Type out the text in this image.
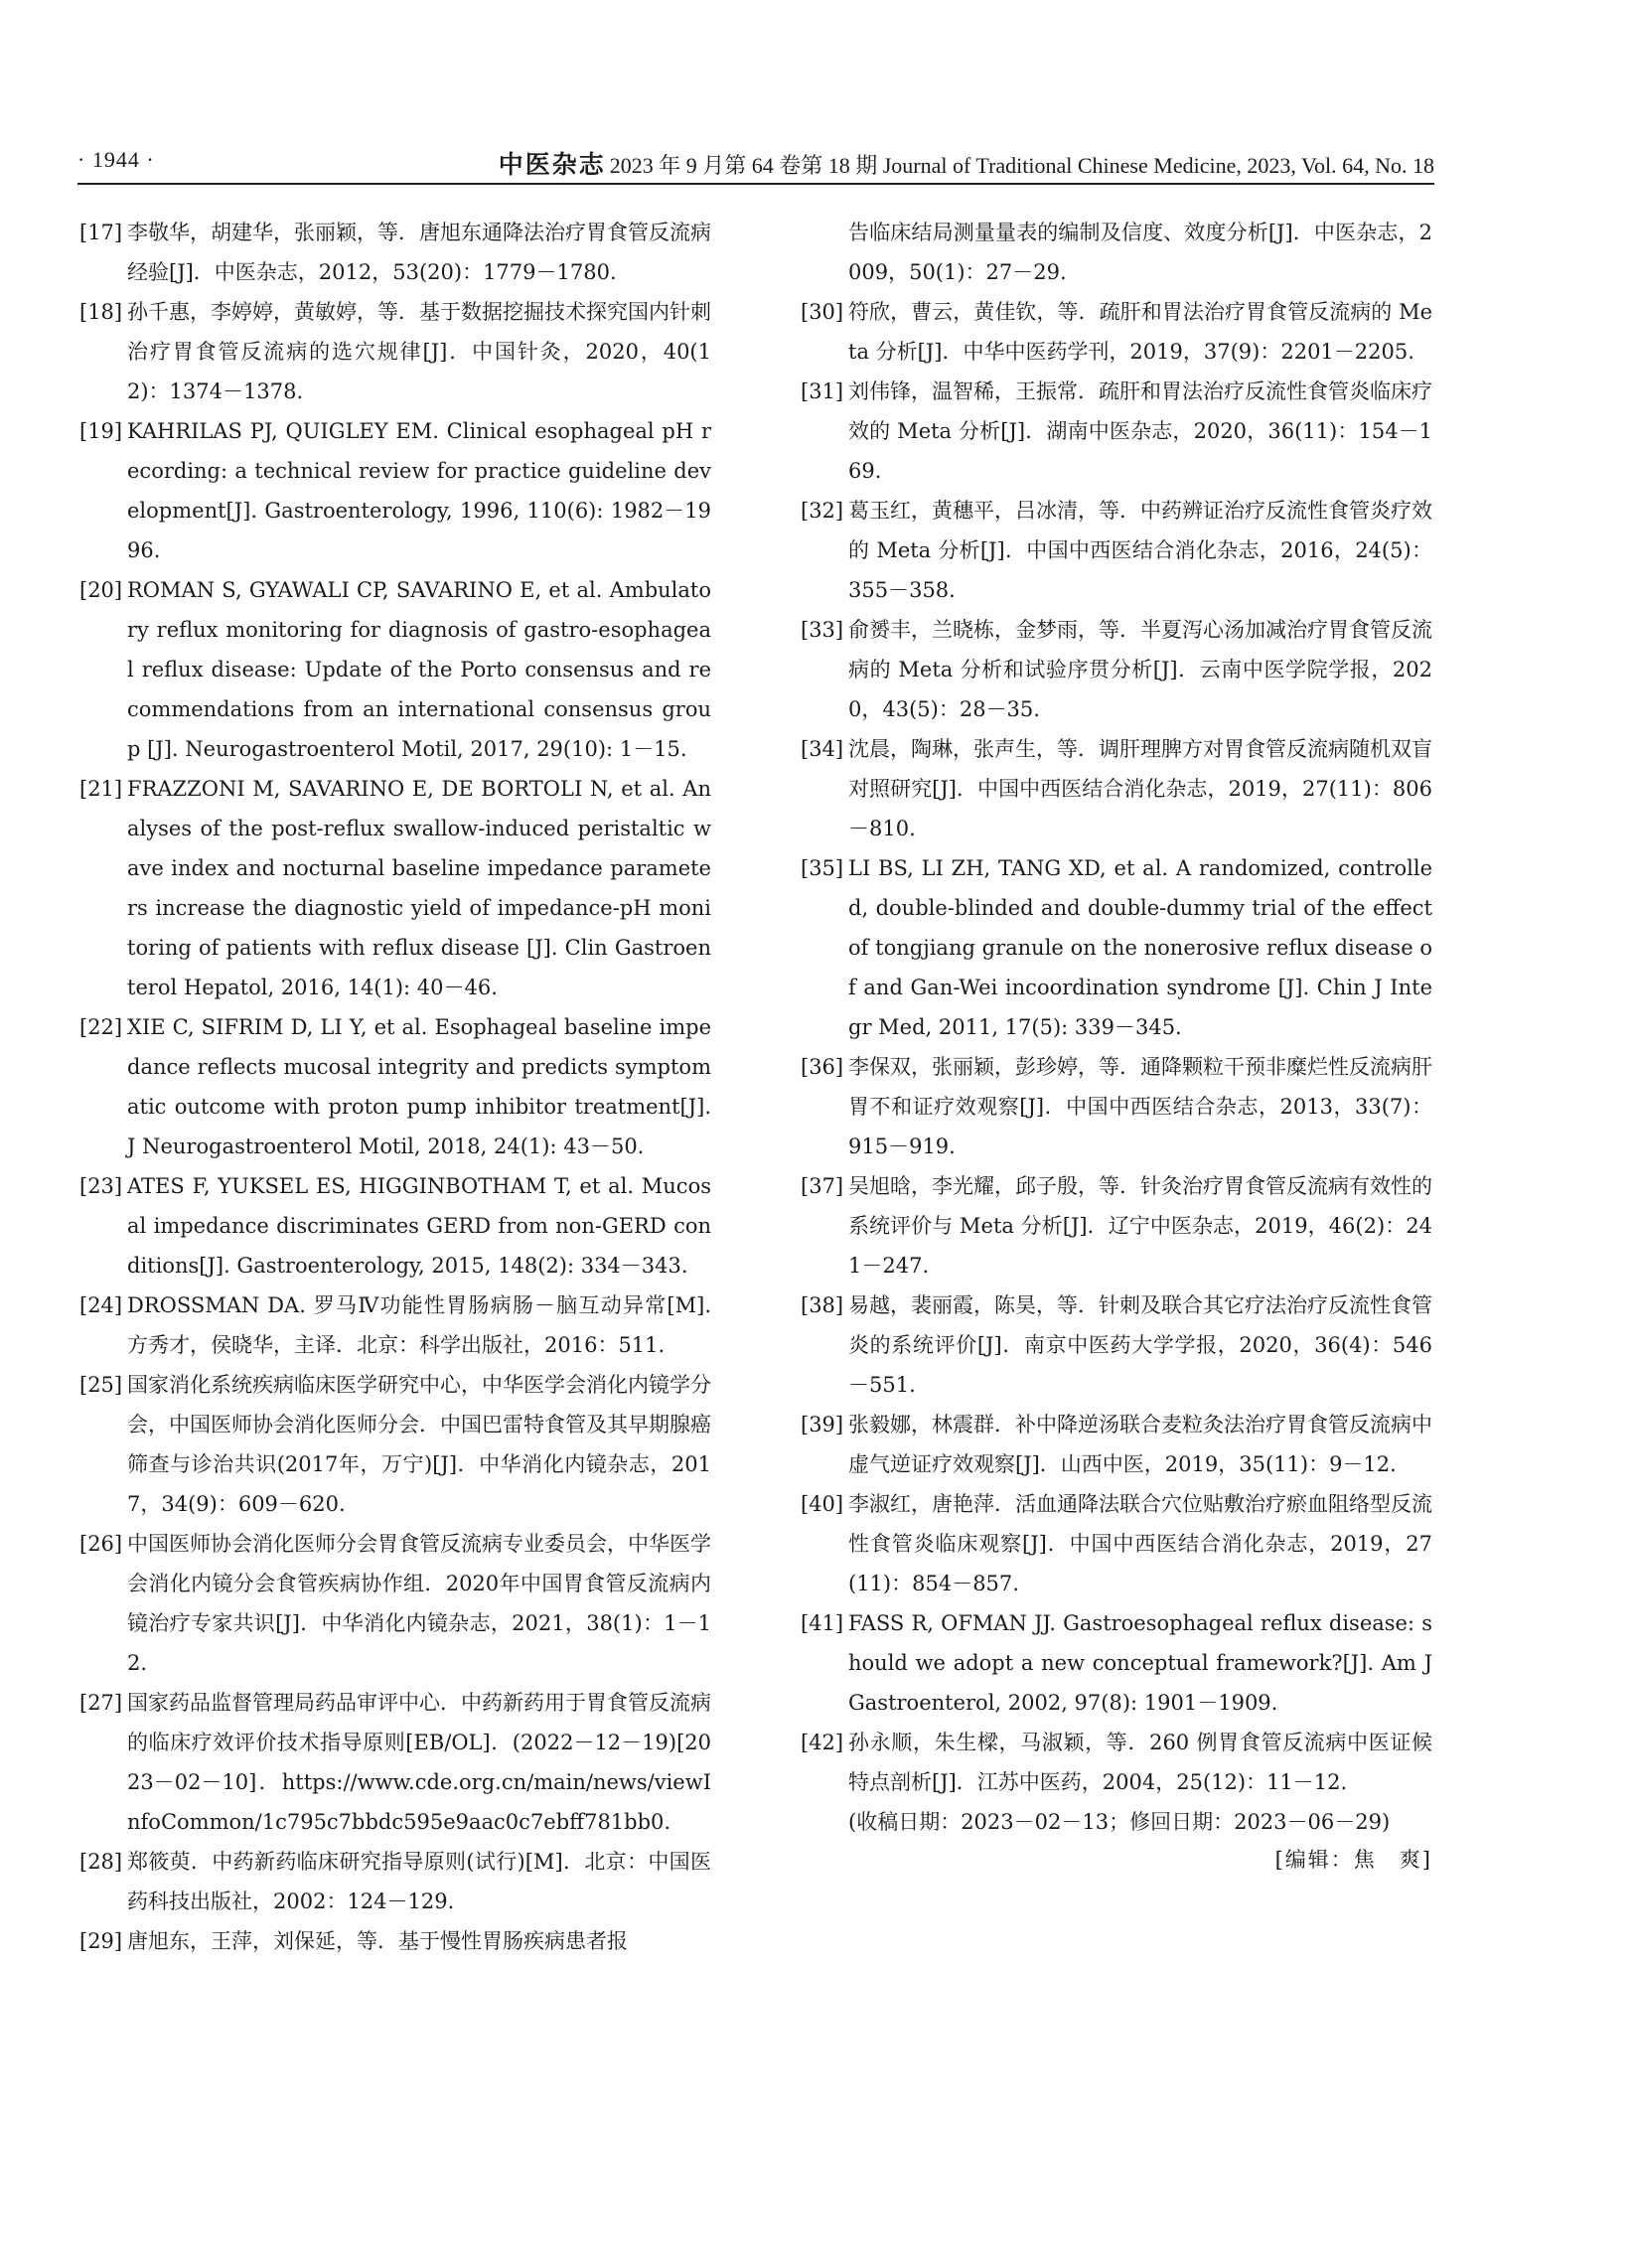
· 1944 ·	中医杂志 2023 年 9 月第 64 卷第 18 期 Journal of Traditional Chinese Medicine, 2023, Vol. 64, No. 18
[17] 李敬华，胡建华，张丽颖，等．唐旭东通降法治疗胃食管反流病经验[J]．中医杂志，2012，53(20)：1779－1780.
[18] 孙千惠，李婷婷，黄敏婷，等．基于数据挖掘技术探究国内针刺治疗胃食管反流病的选穴规律[J]．中国针灸，2020，40(12)：1374－1378.
[19] KAHRILAS PJ, QUIGLEY EM. Clinical esophageal pH recording: a technical review for practice guideline development[J]. Gastroenterology, 1996, 110(6): 1982－1996.
[20] ROMAN S, GYAWALI CP, SAVARINO E, et al. Ambulatory reflux monitoring for diagnosis of gastro-esophageal reflux disease: Update of the Porto consensus and recommendations from an international consensus group [J]. Neurogastroenterol Motil, 2017, 29(10): 1－15.
[21] FRAZZONI M, SAVARINO E, DE BORTOLI N, et al. Analyses of the post-reflux swallow-induced peristaltic wave index and nocturnal baseline impedance parameters increase the diagnostic yield of impedance-pH monitoring of patients with reflux disease [J]. Clin Gastroenterol Hepatol, 2016, 14(1): 40－46.
[22] XIE C, SIFRIM D, LI Y, et al. Esophageal baseline impedance reflects mucosal integrity and predicts symptomatic outcome with proton pump inhibitor treatment[J]. J Neurogastroenterol Motil, 2018, 24(1): 43－50.
[23] ATES F, YUKSEL ES, HIGGINBOTHAM T, et al. Mucosal impedance discriminates GERD from non-GERD conditions[J]. Gastroenterology, 2015, 148(2): 334－343.
[24] DROSSMAN DA. 罗马Ⅳ功能性胃肠病肠－脑互动异常[M]. 方秀才，侯晓华，主译．北京：科学出版社，2016：511.
[25] 国家消化系统疾病临床医学研究中心，中华医学会消化内镜学分会，中国医师协会消化医师分会．中国巴雷特食管及其早期腺癌筛查与诊治共识(2017年，万宁)[J]．中华消化内镜杂志，2017，34(9)：609－620.
[26] 中国医师协会消化医师分会胃食管反流病专业委员会，中华医学会消化内镜分会食管疾病协作组．2020年中国胃食管反流病内镜治疗专家共识[J]．中华消化内镜杂志，2021，38(1)：1－12.
[27] 国家药品监督管理局药品审评中心．中药新药用于胃食管反流病的临床疗效评价技术指导原则[EB/OL]．(2022－12－19)[2023－02－10]．https://www.cde.org.cn/main/news/viewInfoCommon/1c795c7bbdc595e9aac0c7ebff781bb0.
[28] 郑筱萸．中药新药临床研究指导原则(试行)[M]．北京：中国医药科技出版社，2002：124－129.
[29] 唐旭东，王萍，刘保延，等．基于慢性胃肠疾病患者报
告临床结局测量量表的编制及信度、效度分析[J]．中医杂志，2009，50(1)：27－29.
[30] 符欣，曹云，黄佳钦，等．疏肝和胃法治疗胃食管反流病的 Meta 分析[J]．中华中医药学刊，2019，37(9)：2201－2205.
[31] 刘伟锋，温智稀，王振常．疏肝和胃法治疗反流性食管炎临床疗效的 Meta 分析[J]．湖南中医杂志，2020，36(11)：154－169.
[32] 葛玉红，黄穗平，吕冰清，等．中药辨证治疗反流性食管炎疗效的 Meta 分析[J]．中国中西医结合消化杂志，2016，24(5)：355－358.
[33] 俞赟丰，兰晓栋，金梦雨，等．半夏泻心汤加减治疗胃食管反流病的 Meta 分析和试验序贯分析[J]．云南中医学院学报，2020，43(5)：28－35.
[34] 沈晨，陶琳，张声生，等．调肝理脾方对胃食管反流病随机双盲对照研究[J]．中国中西医结合消化杂志，2019，27(11)：806－810.
[35] LI BS, LI ZH, TANG XD, et al. A randomized, controlled, double-blinded and double-dummy trial of the effect of tongjiang granule on the nonerosive reflux disease of and Gan-Wei incoordination syndrome [J]. Chin J Integr Med, 2011, 17(5): 339－345.
[36] 李保双，张丽颖，彭珍婷，等．通降颗粒干预非糜烂性反流病肝胃不和证疗效观察[J]．中国中西医结合杂志，2013，33(7)：915－919.
[37] 吴旭晗，李光耀，邱子殷，等．针灸治疗胃食管反流病有效性的系统评价与 Meta 分析[J]．辽宁中医杂志，2019，46(2)：241－247.
[38] 易越，裴丽霞，陈昊，等．针刺及联合其它疗法治疗反流性食管炎的系统评价[J]．南京中医药大学学报，2020，36(4)：546－551.
[39] 张毅娜，林震群．补中降逆汤联合麦粒灸法治疗胃食管反流病中虚气逆证疗效观察[J]．山西中医，2019，35(11)：9－12.
[40] 李淑红，唐艳萍．活血通降法联合穴位贴敷治疗瘀血阻络型反流性食管炎临床观察[J]．中国中西医结合消化杂志，2019，27(11)：854－857.
[41] FASS R, OFMAN JJ. Gastroesophageal reflux disease: should we adopt a new conceptual framework?[J]. Am J Gastroenterol, 2002, 97(8): 1901－1909.
[42] 孙永顺，朱生樑，马淑颖，等．260 例胃食管反流病中医证候特点剖析[J]．江苏中医药，2004，25(12)：11－12.
(收稿日期：2023－02－13；修回日期：2023－06－29)
[编辑：焦　爽]
